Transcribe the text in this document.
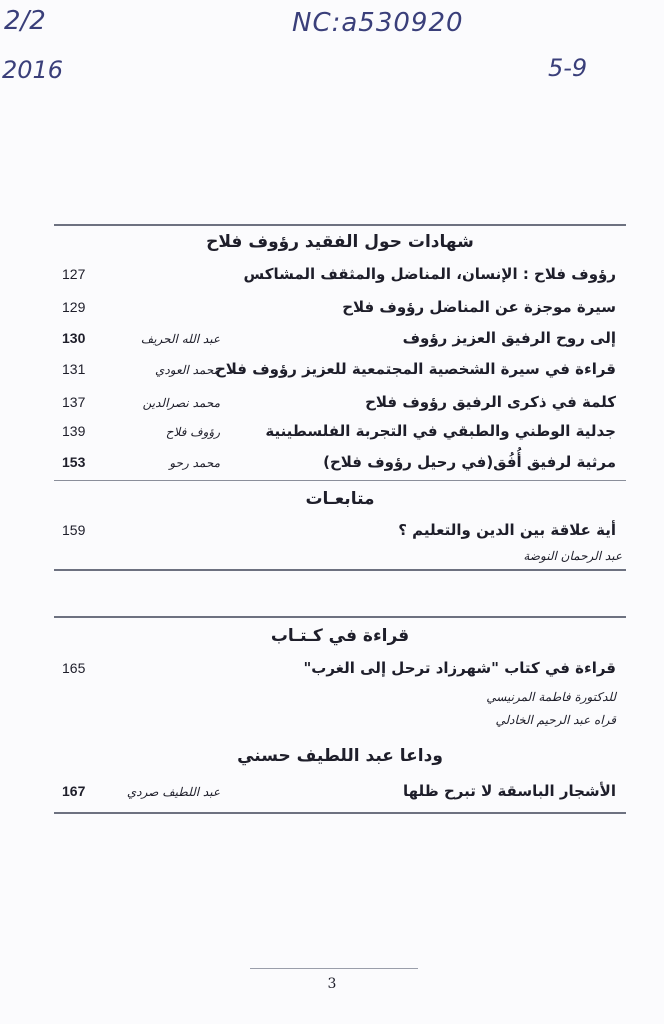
2/2
2016
NC:a530920
5-9
شهادات حول الفقيد رؤوف فلاح
رؤوف فلاح : الإنسان، المناضل والمثقف المشاكس
127
سيرة موجزة عن المناضل رؤوف فلاح
129
إلى روح الرفيق العزيز رؤوف
عبد الله الحريف
130
قراءة في سيرة الشخصية المجتمعية للعزيز رؤوف فلاح
محمد العودي
131
كلمة في ذكرى الرفيق رؤوف فلاح
محمد نصرالدين
137
جدلية الوطني والطبقي في التجربة الفلسطينية
رؤوف فلاح
139
مرثية لرفيق أُفُق(في رحيل رؤوف فلاح)
محمد رحو
153
متابعـات
أية علاقة بين الدين والتعليم ؟
159
عبد الرحمان النوضة
قراءة في كـتـاب
قراءة في كتاب "شهرزاد ترحل إلى الغرب"
165
للدكتورة فاطمة المرنيسي
قراه عبد الرحيم الخادلي
وداعا عبد اللطيف حسني
الأشجار الباسقة لا تبرح ظلها
عبد اللطيف صردي
167
3
